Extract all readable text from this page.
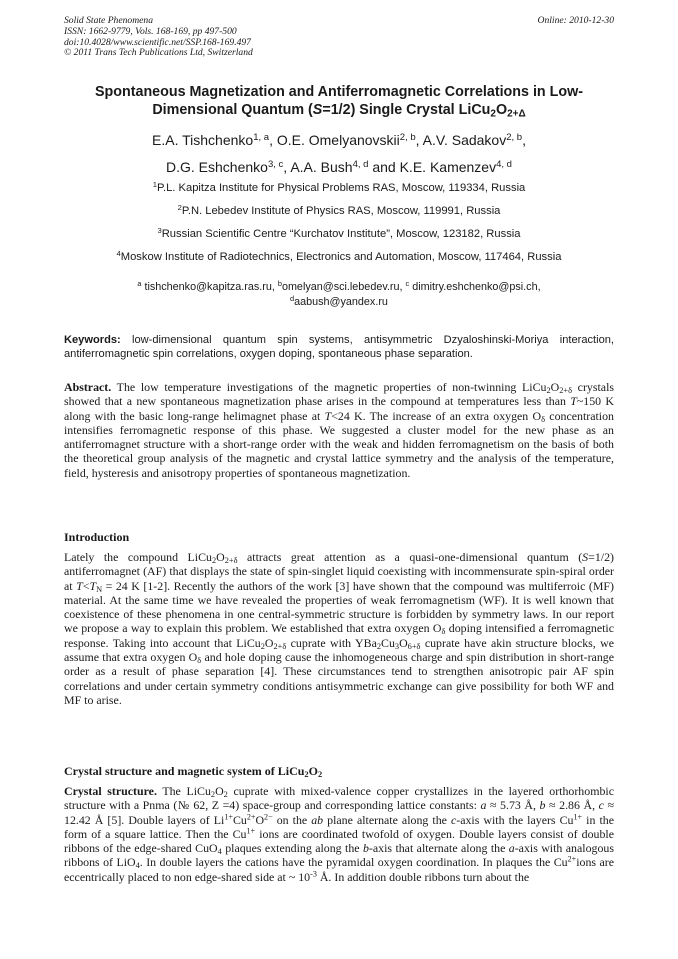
Solid State Phenomena
ISSN: 1662-9779, Vols. 168-169, pp 497-500
doi:10.4028/www.scientific.net/SSP.168-169.497
© 2011 Trans Tech Publications Ltd, Switzerland
Online: 2010-12-30
Spontaneous Magnetization and Antiferromagnetic Correlations in Low-
Dimensional Quantum (S=1/2) Single Crystal $LiCu_2O_{2+\Delta}$
E.A. Tishchenko$^{1, a}$, O.E. Omelyanovskii$^{2, b}$, A.V. Sadakov$^{2, b}$,
D.G. Eshchenko$^{3, c}$, A.A. Bush$^{4, d}$ and K.E. Kamenzev$^{4, d}$
$^1$P.L. Kapitza Institute for Physical Problems RAS, Moscow, 119334, Russia
$^2$P.N. Lebedev Institute of Physics RAS, Moscow, 119991, Russia
$^3$Russian Scientific Centre “Kurchatov Institute”, Moscow, 123182, Russia
$^4$Moskow Institute of Radiotechnics, Electronics and Automation, Moscow, 117464, Russia
$^a$ tishchenko@kapitza.ras.ru, $^b$omelyan@sci.lebedev.ru, $^c$ dimitry.eshchenko@psi.ch,
$^d$aabush@yandex.ru
Keywords: low-dimensional quantum spin systems, antisymmetric Dzyaloshinski-Moriya interaction, antiferromagnetic spin correlations, oxygen doping, spontaneous phase separation.
Abstract. The low temperature investigations of the magnetic properties of non-twinning $LiCu_2O_{2+\delta}$ crystals showed that a new spontaneous magnetization phase arises in the compound at temperatures less than T~150 K along with the basic long-range helimagnet phase at T<24 K. The increase of an extra oxygen $O_\delta$ concentration intensifies ferromagnetic response of this phase. We suggested a cluster model for the new phase as an antiferromagnet structure with a short-range order with the weak and hidden ferromagnetism on the basis of both the theoretical group analysis of the magnetic and crystal lattice symmetry and the analysis of the temperature, field, hysteresis and anisotropy properties of spontaneous magnetization.
Introduction
Lately the compound $LiCu_2O_{2+\delta}$ attracts great attention as a quasi-one-dimensional quantum (S=1/2) antiferromagnet (AF) that displays the state of spin-singlet liquid coexisting with incommensurate spin-spiral order at $T<T_N = 24$ K [1-2]. Recently the authors of the work [3] have shown that the compound was multiferroic (MF) material. At the same time we have revealed the properties of weak ferromagnetism (WF). It is well known that coexistence of these phenomena in one central-symmetric structure is forbidden by symmetry laws. In our report we propose a way to explain this problem. We established that extra oxygen $O_\delta$ doping intensified a ferromagnetic response. Taking into account that $LiCu_2O_{2+\delta}$ cuprate with $YBa_2Cu_3O_{6+\delta}$ cuprate have akin structure blocks, we assume that extra oxygen $O_\delta$ and hole doping cause the inhomogeneous charge and spin distribution in short-range order as a result of phase separation [4]. These circumstances tend to strengthen anisotropic pair AF spin correlations and under certain symmetry conditions antisymmetric exchange can give possibility for both WF and MF to arise.
Crystal structure and magnetic system of $LiCu_2O_2$
Crystal structure. The $LiCu_2O_2$ cuprate with mixed-valence copper crystallizes in the layered orthorhombic structure with a Pnma (№ 62, Z =4) space-group and corresponding lattice constants: a ≈ 5.73 Å, b ≈ 2.86 Å, c ≈ 12.42 Å [5]. Double layers of $Li^{1+}Cu^{2+}O^{2-}$ on the ab plane alternate along the c-axis with the layers $Cu^{1+}$ in the form of a square lattice. Then the $Cu^{1+}$ ions are coordinated twofold of oxygen. Double layers consist of double ribbons of the edge-shared CuO$_4$ plaques extending along the b-axis that alternate along the a-axis with analogous ribbons of LiO$_4$. In double layers the cations have the pyramidal oxygen coordination. In plaques the $Cu^{2+}ions$ are eccentrically placed to non edge-shared side at ~ $10^{-3}$ Å. In addition double ribbons turn about the
